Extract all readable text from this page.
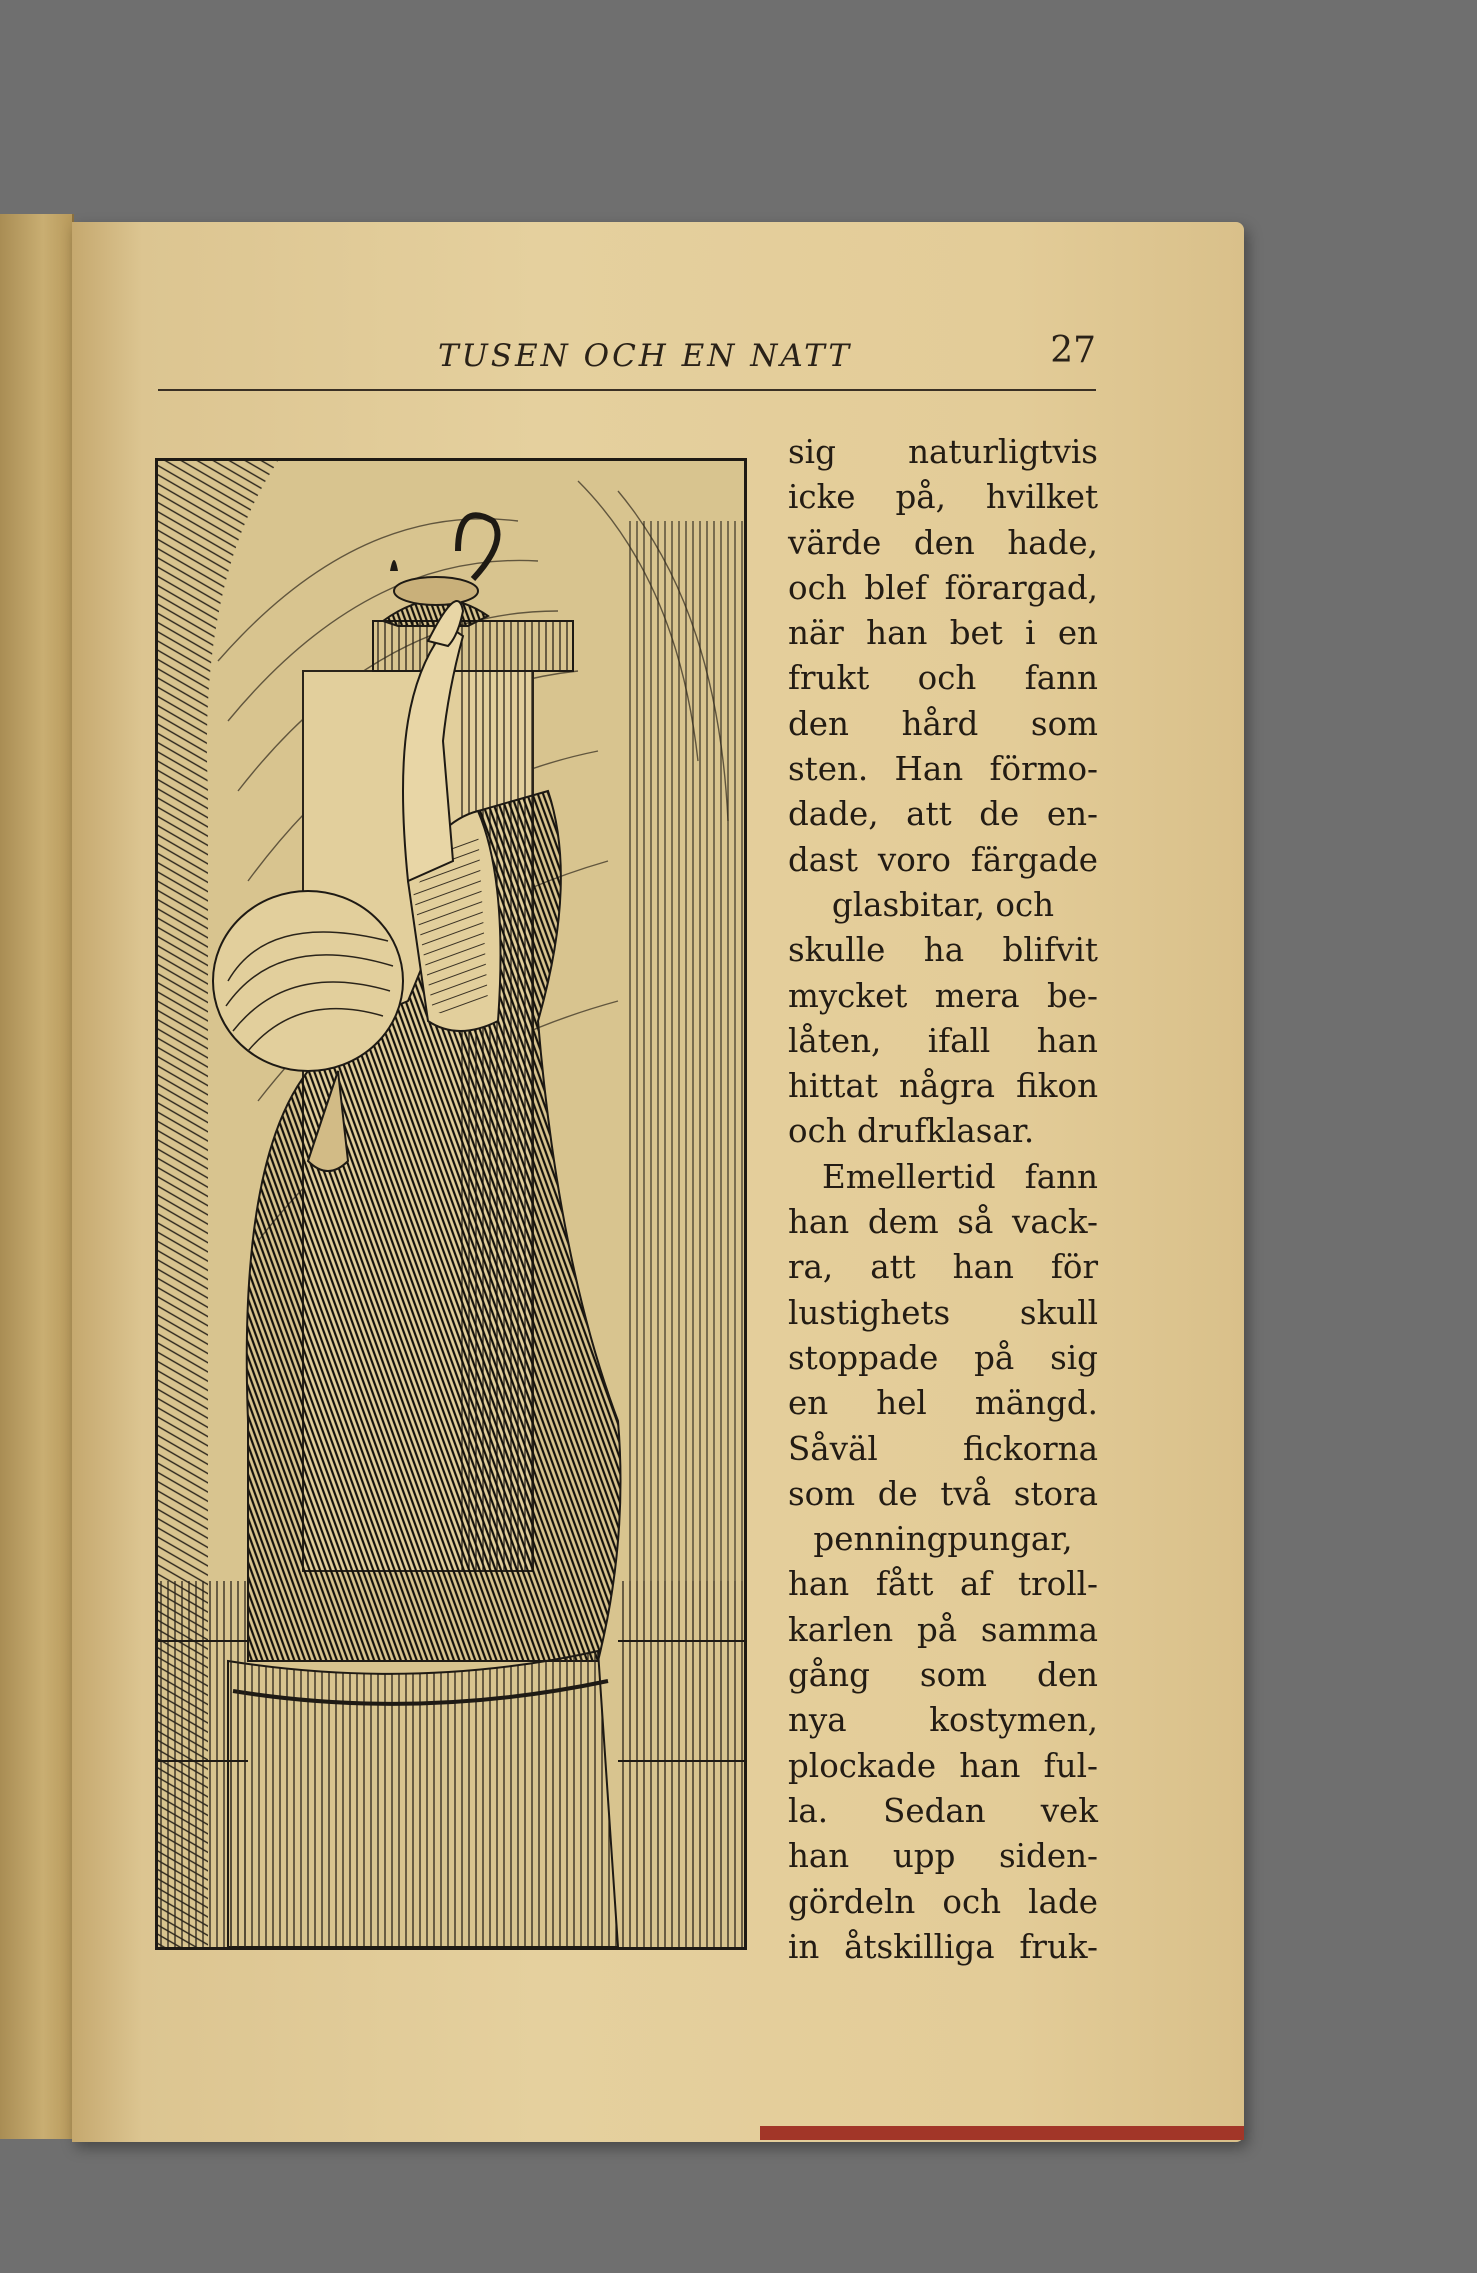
TUSEN OCH EN NATT	27
sig naturligtvis
icke på, hvilket
värde den hade,
och blef förargad,
när han bet i en
frukt och fann
den hård som
sten. Han förmo-
dade, att de en-
dast voro färgade
glasbitar, och
skulle ha blifvit
mycket mera be-
låten, ifall han
hittat några fikon
och drufklasar.
Emellertid fann
han dem så vack-
ra, att han för
lustighets skull
stoppade på sig
en hel mängd.
Såväl fickorna
som de två stora
penningpungar,
han fått af troll-
karlen på samma
gång som den
nya kostymen,
plockade han ful-
la. Sedan vek
han upp siden-
gördeln och lade
in åtskilliga fruk-
